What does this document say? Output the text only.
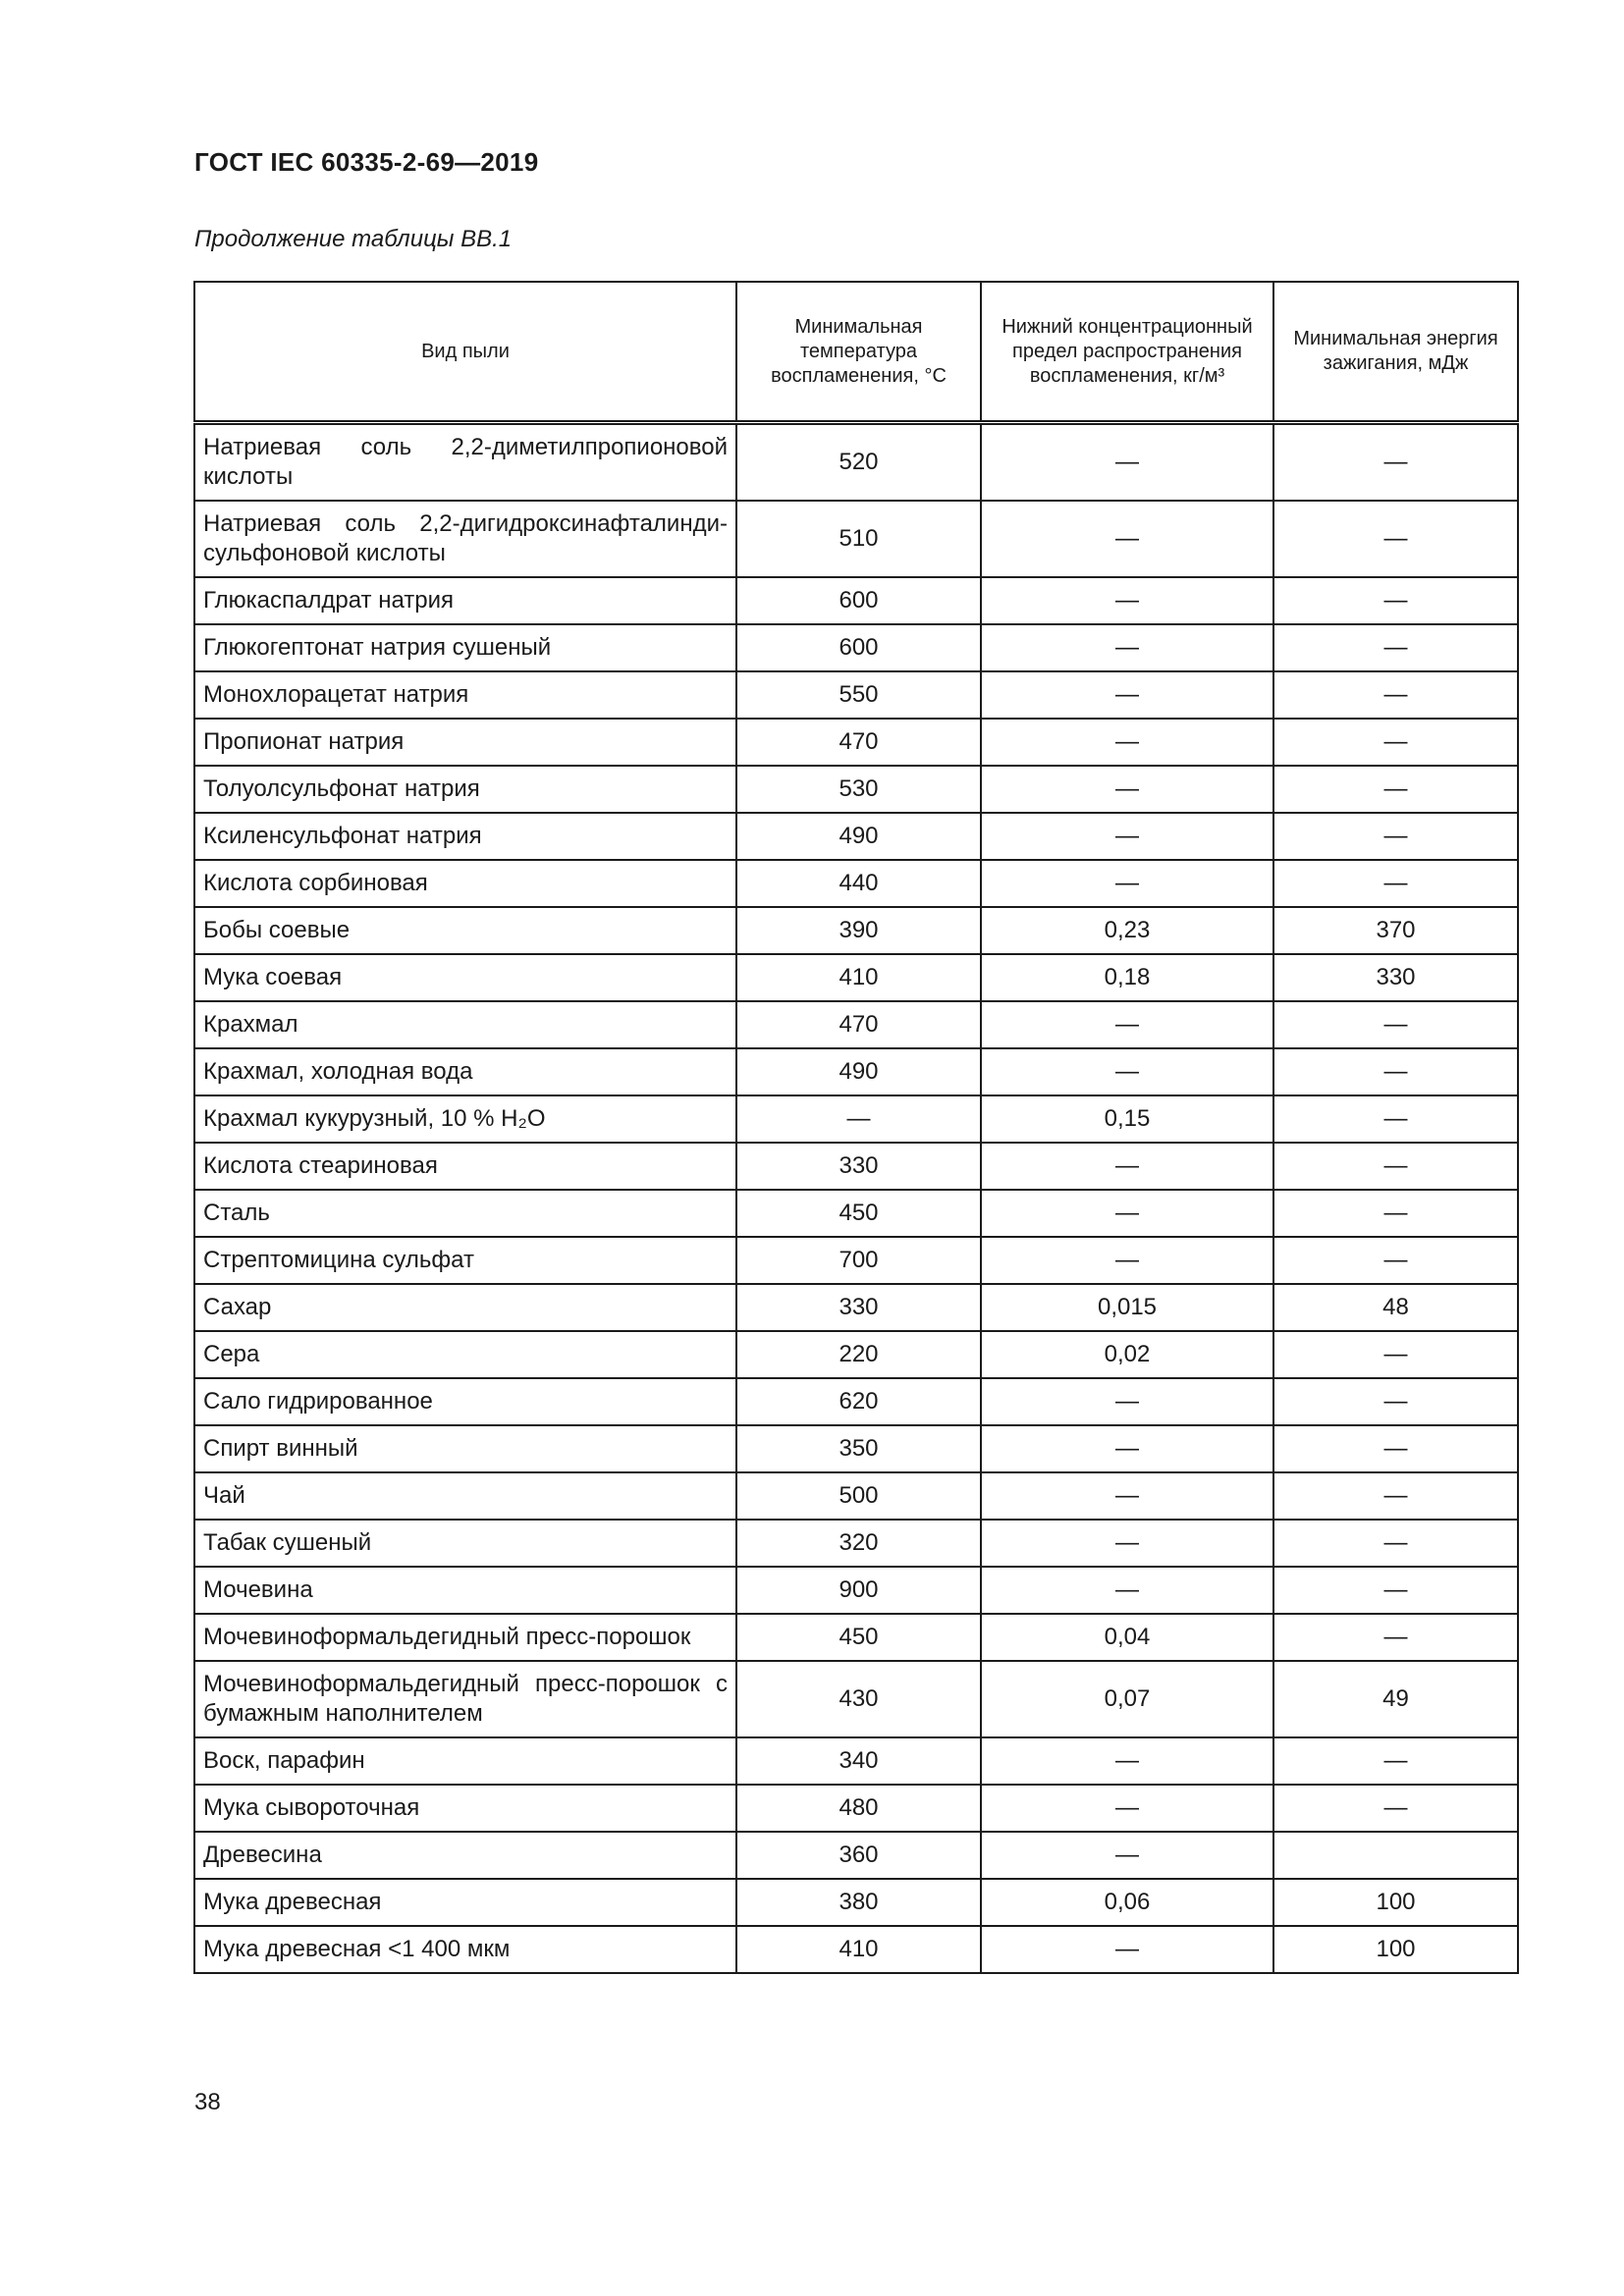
ГОСТ IEC 60335-2-69—2019
Продолжение таблицы ВВ.1
Вид пыли	Минимальная температура воспламенения, °С	Нижний концентрационный предел распространения воспламенения, кг/м³	Минимальная энергия зажигания, мДж
Натриевая соль 2,2-диметилпропионовой кислоты	520	—	—
Натриевая соль 2,2-дигидроксинафталинди-сульфоновой кислоты	510	—	—
Глюкаспалдрат натрия	600	—	—
Глюкогептонат натрия сушеный	600	—	—
Монохлорацетат натрия	550	—	—
Пропионат натрия	470	—	—
Толуолсульфонат натрия	530	—	—
Ксиленсульфонат натрия	490	—	—
Кислота сорбиновая	440	—	—
Бобы соевые	390	0,23	370
Мука соевая	410	0,18	330
Крахмал	470	—	—
Крахмал, холодная вода	490	—	—
Крахмал кукурузный, 10 % H₂O	—	0,15	—
Кислота стеариновая	330	—	—
Сталь	450	—	—
Стрептомицина сульфат	700	—	—
Сахар	330	0,015	48
Сера	220	0,02	—
Сало гидрированное	620	—	—
Спирт винный	350	—	—
Чай	500	—	—
Табак сушеный	320	—	—
Мочевина	900	—	—
Мочевиноформальдегидный пресс-порошок	450	0,04	—
Мочевиноформальдегидный пресс-порошок с бумажным наполнителем	430	0,07	49
Воск, парафин	340	—	—
Мука сывороточная	480	—	—
Древесина	360	—	
Мука древесная	380	0,06	100
Мука древесная <1 400 мкм	410	—	100
38
